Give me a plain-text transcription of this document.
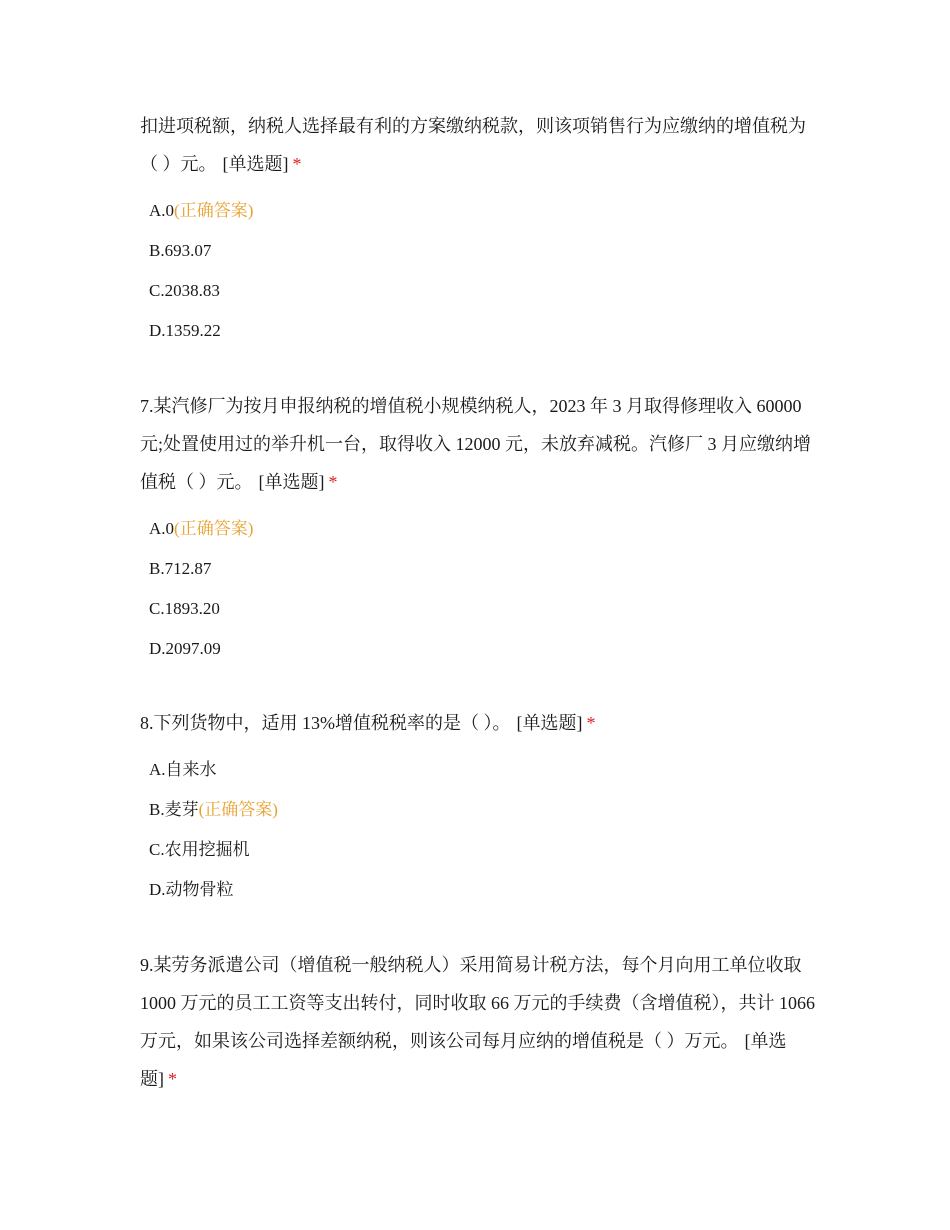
扣进项税额，纳税人选择最有利的方案缴纳税款，则该项销售行为应缴纳的增值税为（ ）元。 [单选题] *

A.0(正确答案)
B.693.07
C.2038.83
D.1359.22

7.某汽修厂为按月申报纳税的增值税小规模纳税人，2023 年 3 月取得修理收入 60000 元;处置使用过的举升机一台，取得收入 12000 元，未放弃减税。汽修厂 3 月应缴纳增值税（ ）元。 [单选题] *

A.0(正确答案)
B.712.87
C.1893.20
D.2097.09

8.下列货物中，适用 13%增值税税率的是（ ）。 [单选题] *

A.自来水
B.麦芽(正确答案)
C.农用挖掘机
D.动物骨粒

9.某劳务派遣公司（增值税一般纳税人）采用简易计税方法，每个月向用工单位收取 1000 万元的员工工资等支出转付，同时收取 66 万元的手续费（含增值税），共计 1066 万元，如果该公司选择差额纳税，则该公司每月应纳的增值税是（ ）万元。 [单选题] *
